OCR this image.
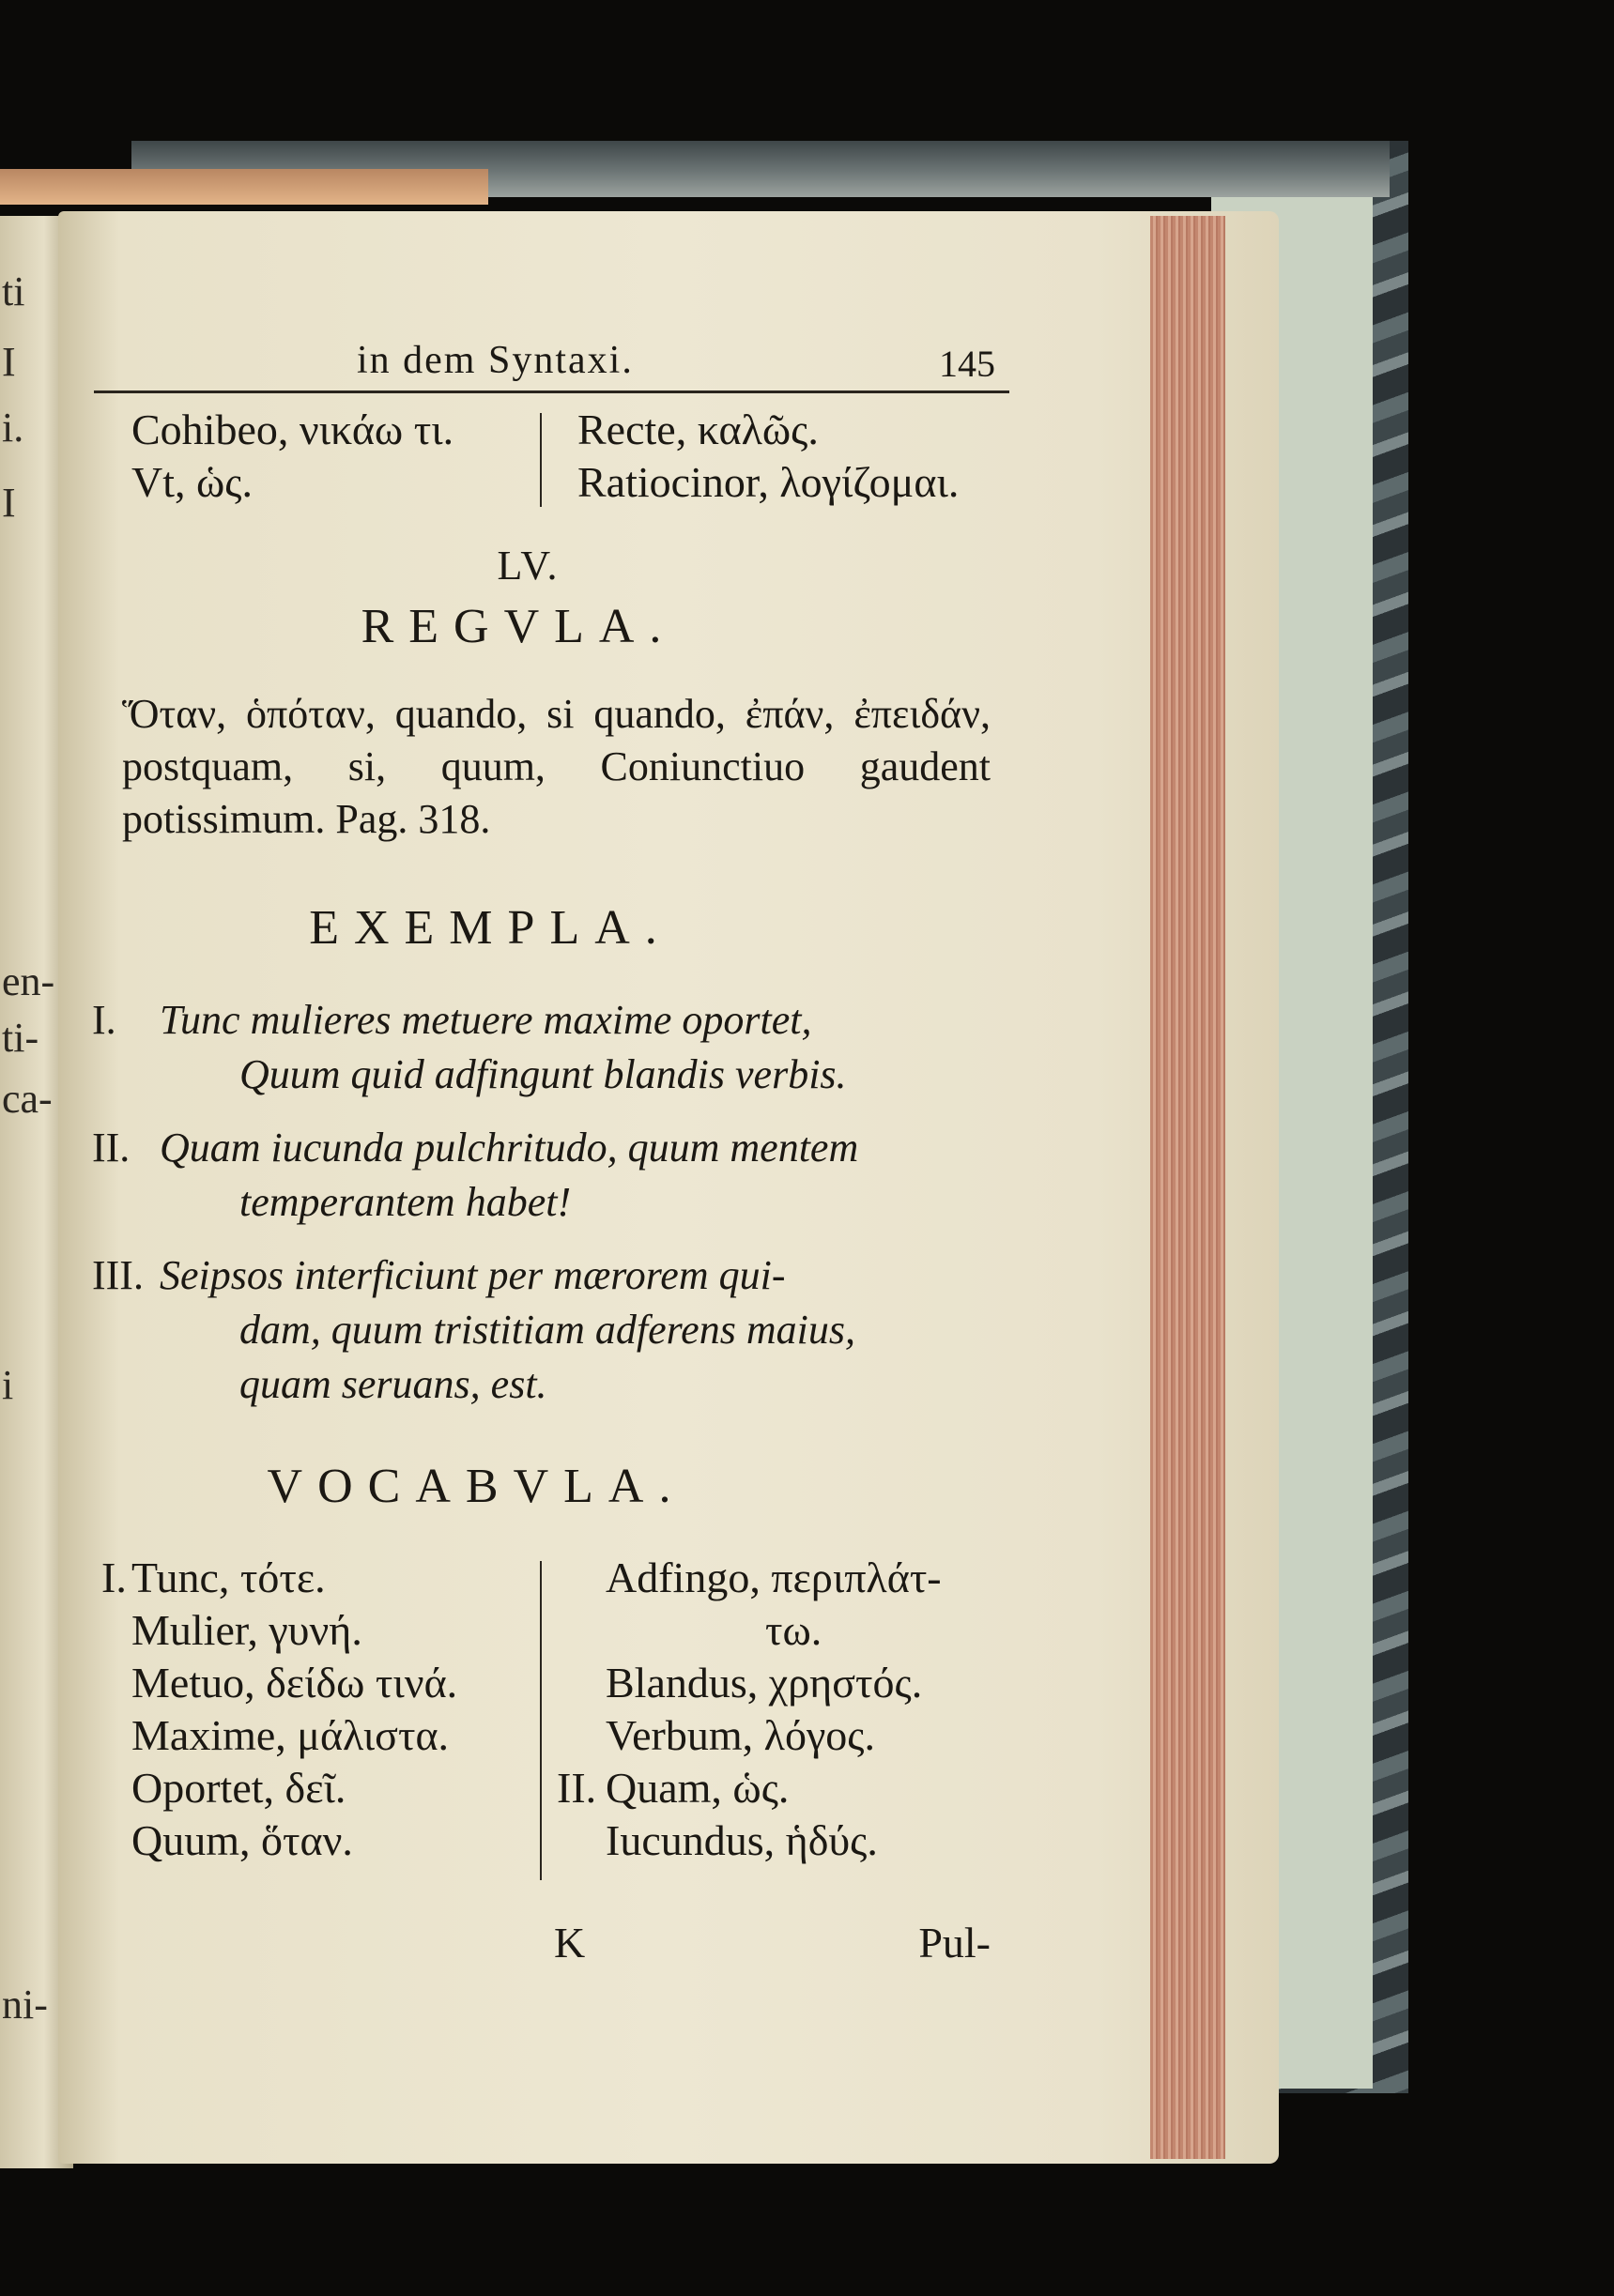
ti
I
i.
I
en-
ti-
ca-
i
ni-
in dem Syntaxi.	145
Cohibeo, νικάω τι.
Vt, ὡς.
Recte, καλῶς.
Ratiocinor, λογίζομαι.
LV.
REGVLA.
Ὅταν, ὁπόταν, quando, si quando, ἐπάν, ἐπειδάν, postquam, si, quum, Coniunctiuo gaudent potissimum. Pag. 318.
EXEMPLA.
I. Tunc mulieres metuere maxime oportet,
Quum quid adfingunt blandis verbis.
II. Quam iucunda pulchritudo, quum mentem
temperantem habet!
III. Seipsos interficiunt per mærorem qui-
dam, quum tristitiam adferens maius,
quam seruans, est.
VOCABVLA.
I. Tunc, τότε.
Mulier, γυνή.
Metuo, δείδω τινά.
Maxime, μάλιστα.
Oportet, δεῖ.
Quum, ὅταν.
Adfingo, περιπλάτ-
τω.
Blandus, χρηστός.
Verbum, λόγος.
II. Quam, ὡς.
Iucundus, ἡδύς.
K	Pul-
